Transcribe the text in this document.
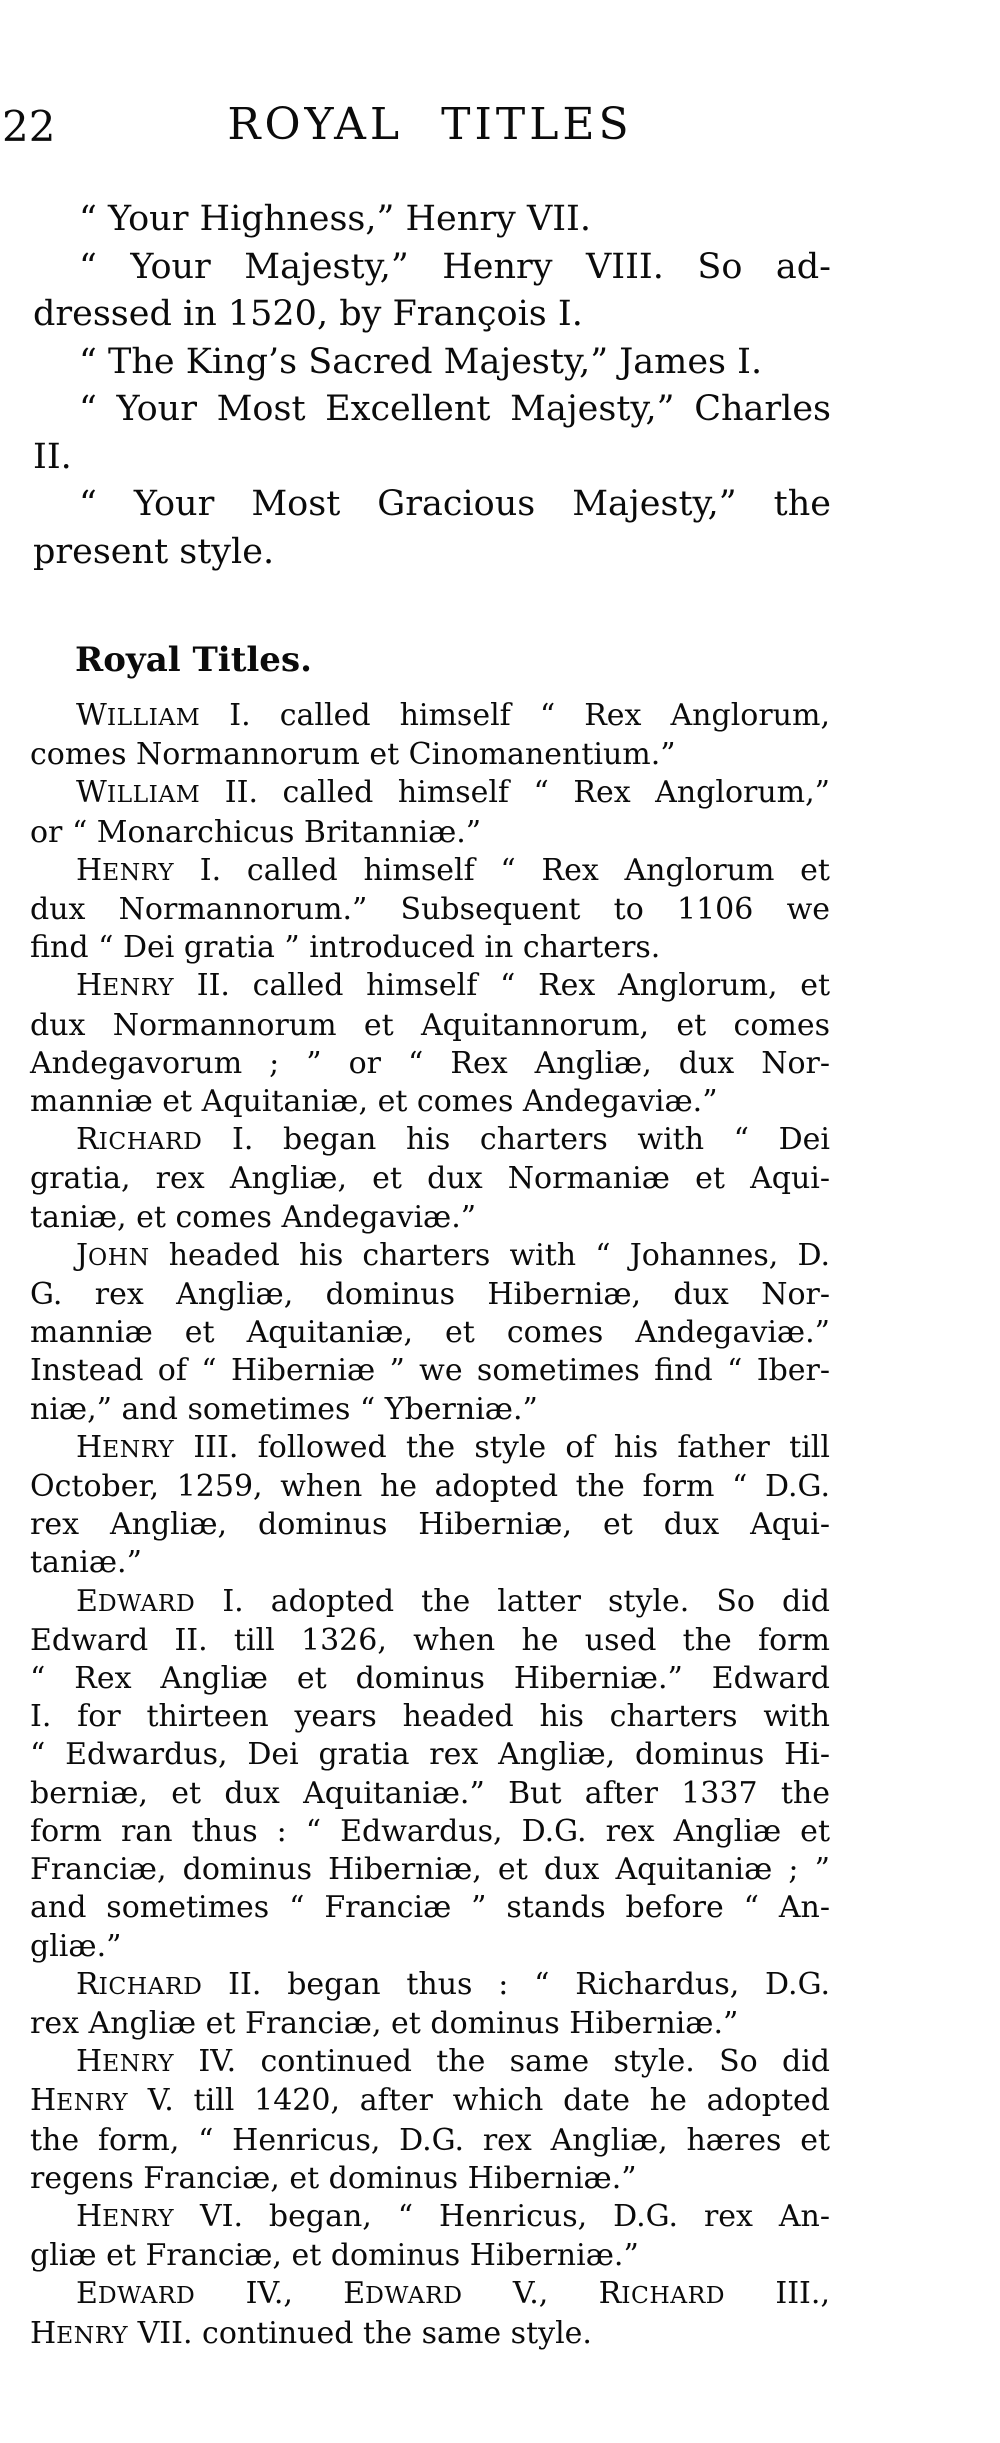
22	ROYAL TITLES
“ Your Highness,” Henry VII.
“ Your Majesty,” Henry VIII. So ad-
dressed in 1520, by François I.
“ The King’s Sacred Majesty,” James I.
“ Your Most Excellent Majesty,” Charles
II.
“ Your Most Gracious Majesty,” the
present style.
Royal Titles.
WILLIAM I. called himself “ Rex Anglorum,
comes Normannorum et Cinomanentium.”
WILLIAM II. called himself “ Rex Anglorum,”
or “ Monarchicus Britanniæ.”
HENRY I. called himself “ Rex Anglorum et
dux Normannorum.” Subsequent to 1106 we
find “ Dei gratia ” introduced in charters.
HENRY II. called himself “ Rex Anglorum, et
dux Normannorum et Aquitannorum, et comes
Andegavorum ; ” or “ Rex Angliæ, dux Nor-
manniæ et Aquitaniæ, et comes Andegaviæ.”
RICHARD I. began his charters with “ Dei
gratia, rex Angliæ, et dux Normaniæ et Aqui-
taniæ, et comes Andegaviæ.”
JOHN headed his charters with “ Johannes, D.
G. rex Angliæ, dominus Hiberniæ, dux Nor-
manniæ et Aquitaniæ, et comes Andegaviæ.”
Instead of “ Hiberniæ ” we sometimes find “ Iber-
niæ,” and sometimes “ Yberniæ.”
HENRY III. followed the style of his father till
October, 1259, when he adopted the form “ D.G.
rex Angliæ, dominus Hiberniæ, et dux Aqui-
taniæ.”
EDWARD I. adopted the latter style. So did
Edward II. till 1326, when he used the form
“ Rex Angliæ et dominus Hiberniæ.” Edward
I. for thirteen years headed his charters with
“ Edwardus, Dei gratia rex Angliæ, dominus Hi-
berniæ, et dux Aquitaniæ.” But after 1337 the
form ran thus : “ Edwardus, D.G. rex Angliæ et
Franciæ, dominus Hiberniæ, et dux Aquitaniæ ; ”
and sometimes “ Franciæ ” stands before “ An-
gliæ.”
RICHARD II. began thus : “ Richardus, D.G.
rex Angliæ et Franciæ, et dominus Hiberniæ.”
HENRY IV. continued the same style. So did
HENRY V. till 1420, after which date he adopted
the form, “ Henricus, D.G. rex Angliæ, hæres et
regens Franciæ, et dominus Hiberniæ.”
HENRY VI. began, “ Henricus, D.G. rex An-
gliæ et Franciæ, et dominus Hiberniæ.”
EDWARD IV., EDWARD V., RICHARD III.,
HENRY VII. continued the same style.
